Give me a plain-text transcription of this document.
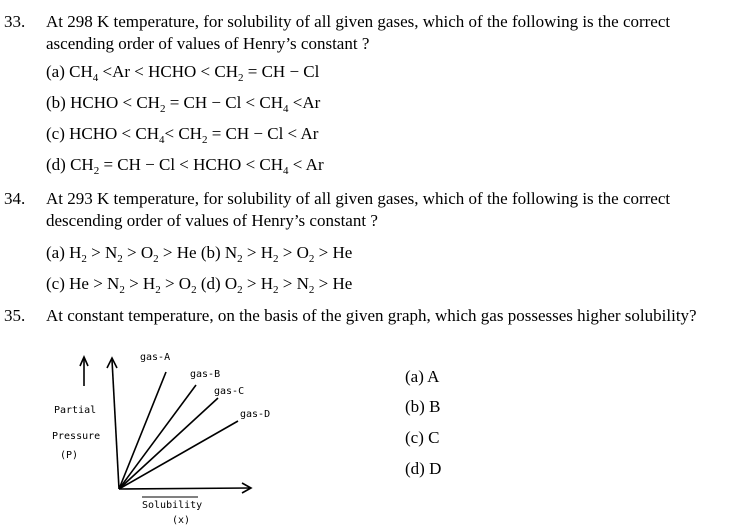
33. At 298 K temperature, for solubility of all given gases, which of the following is the correct
ascending order of values of Henry’s constant ?
(a) $CH_4 <Ar$ < HCHO < $CH_2$ = CH − Cl
(b) HCHO < $CH_2$ = CH − $Cl < CH_4 <Ar$
(c) HCHO < $CH_4< CH_2$ = CH − Cl < Ar
(d) $CH_2$ = CH − Cl < HCHO < $CH_4 < Ar$
34. At 293 K temperature, for solubility of all given gases, which of the following is the correct
descending order of values of Henry’s constant ?
(a) $H_2 > N_2 > O_2 > He$ (b) $N_2 > H_2 > O_2 > He$
(c) $He > N_2 > H_2 > O_2$ (d) $O_2 > H_2 > N_2 > He$
35. At constant temperature, on the basis of the given graph, which gas possesses higher solubility?
(a) A
(b) B
(c) C
(d) D
gas-A
gas-B
gas-C
gas-D
Partial
Pressure
(P)
Solubility
(x)
